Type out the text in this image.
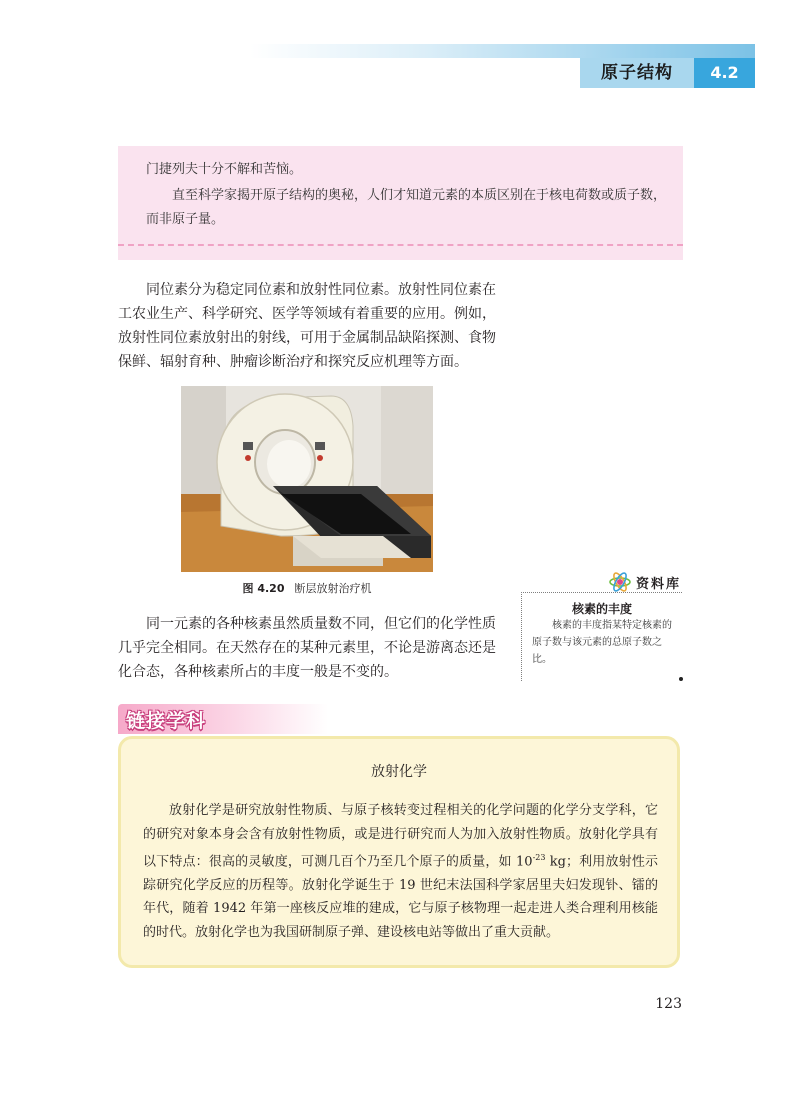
原子结构	4.2

门捷列夫十分不解和苦恼。

直至科学家揭开原子结构的奥秘，人们才知道元素的本质区别在于核电荷数或质子数，而非原子量。

同位素分为稳定同位素和放射性同位素。放射性同位素在工农业生产、科学研究、医学等领域有着重要的应用。例如，放射性同位素放射出的射线，可用于金属制品缺陷探测、食物保鲜、辐射育种、肿瘤诊断治疗和探究反应机理等方面。

图 4.20 断层放射治疗机	资料库
核素的丰度

核素的丰度指某特定核素的原子数与该元素的总原子数之比。

同一元素的各种核素虽然质量数不同，但它们的化学性质几乎完全相同。在天然存在的某种元素里，不论是游离态还是化合态，各种核素所占的丰度一般是不变的。

链接学科
放射化学

放射化学是研究放射性物质、与原子核转变过程相关的化学问题的化学分支学科，它的研究对象本身会含有放射性物质，或是进行研究而人为加入放射性物质。放射化学具有以下特点：很高的灵敏度，可测几百个乃至几个原子的质量，如 $10^{-23}$ kg；利用放射性示踪研究化学反应的历程等。放射化学诞生于 19 世纪末法国科学家居里夫妇发现钋、镭的年代，随着 1942 年第一座核反应堆的建成，它与原子核物理一起走进人类合理利用核能的时代。放射化学也为我国研制原子弹、建设核电站等做出了重大贡献。

123
